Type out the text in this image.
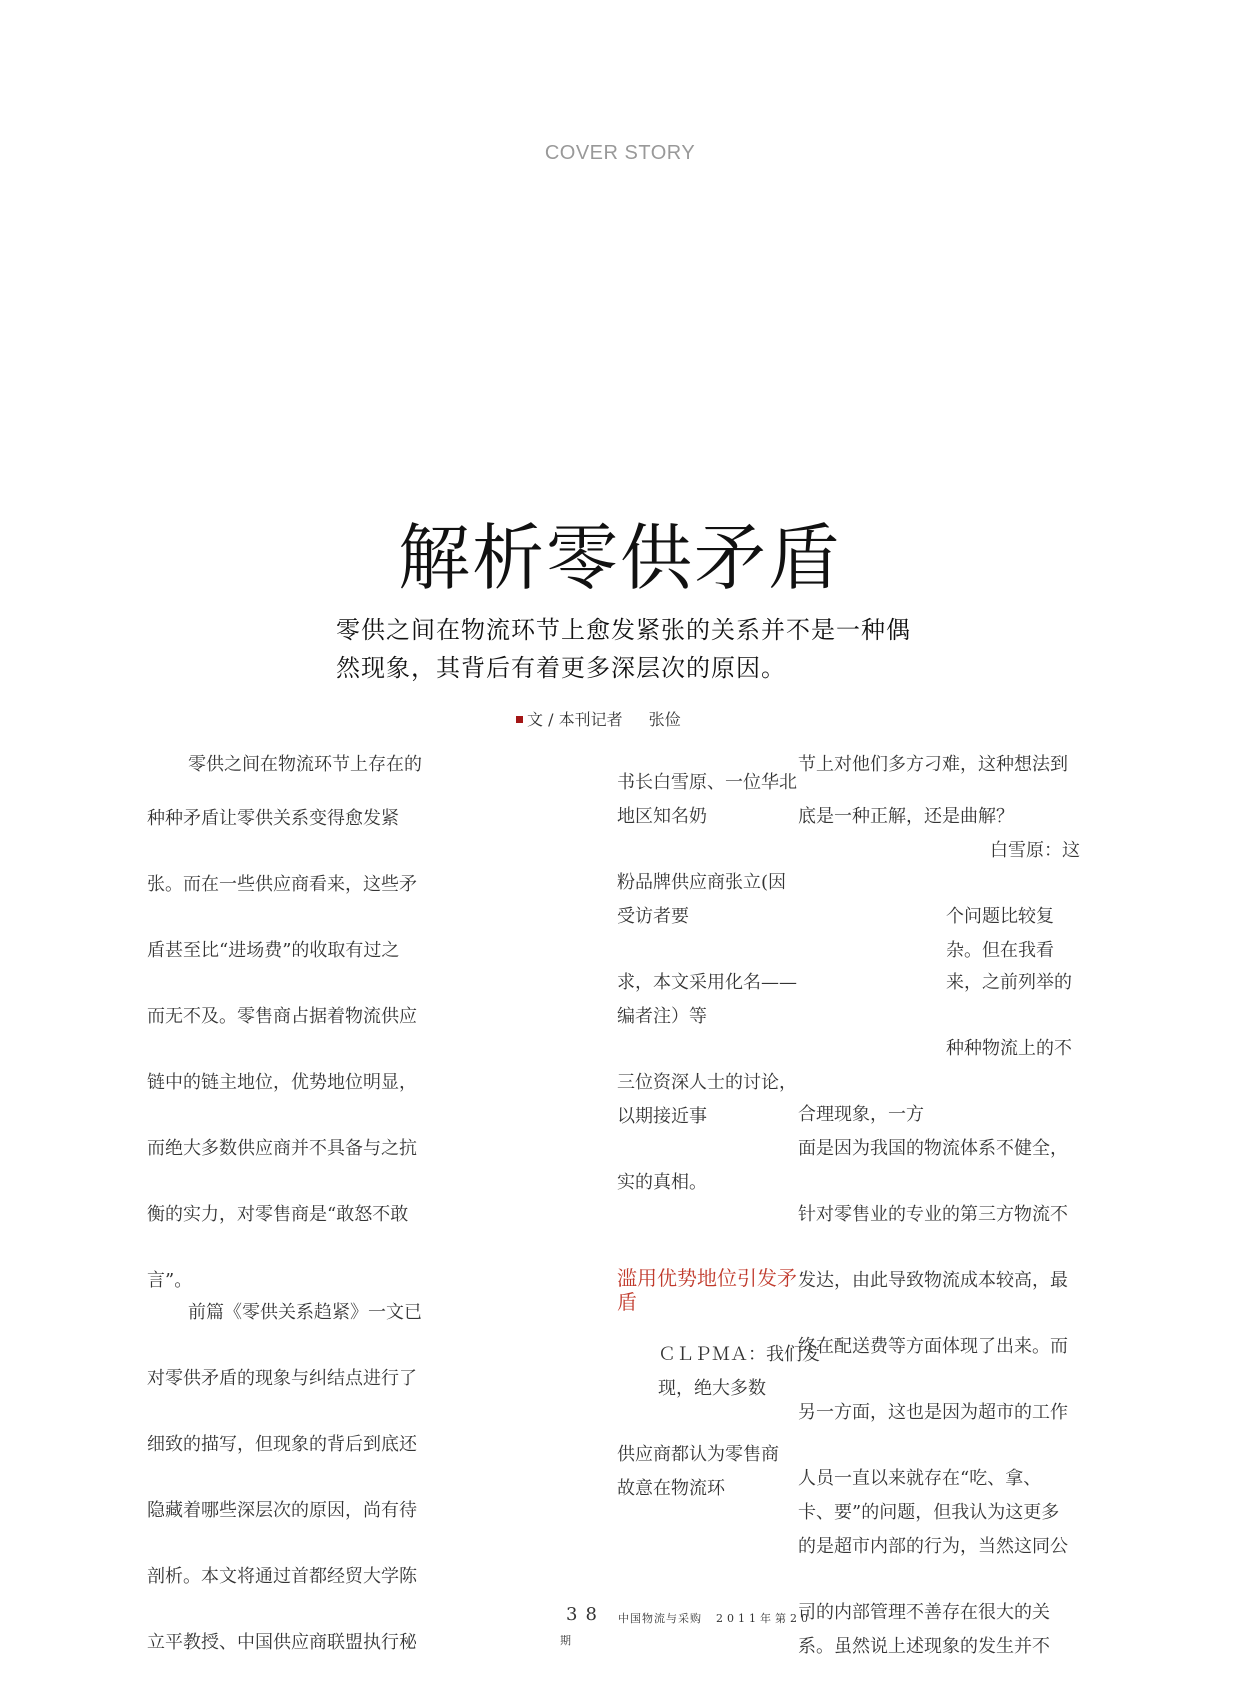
COVER STORY
解析零供矛盾
零供之间在物流环节上愈发紧张的关系并不是一种偶
然现象，其背后有着更多深层次的原因。
文 / 本刊记者 张俭
零供之间在物流环节上存在的
种种矛盾让零供关系变得愈发紧
张。而在一些供应商看来，这些矛
盾甚至比“进场费”的收取有过之
而无不及。零售商占据着物流供应
链中的链主地位，优势地位明显，
而绝大多数供应商并不具备与之抗
衡的实力，对零售商是“敢怒不敢
言”。
前篇《零供关系趋紧》一文已
对零供矛盾的现象与纠结点进行了
细致的描写，但现象的背后到底还
隐藏着哪些深层次的原因，尚有待
剖析。本文将通过首都经贸大学陈
立平教授、中国供应商联盟执行秘
书长白雪原、一位华北
地区知名奶
粉品牌供应商张立(因
受访者要
求，本文采用化名——
编者注）等
三位资深人士的讨论，
以期接近事
实的真相。
滥用优势地位引发矛盾
ＣＬＰＭＡ：我们发
现，绝大多数
供应商都认为零售商
故意在物流环
节上对他们多方刁难，这种想法到
底是一种正解，还是曲解？
白雪原：这
个问题比较复
杂。但在我看
来，之前列举的
种种物流上的不
合理现象，一方
面是因为我国的物流体系不健全，
针对零售业的专业的第三方物流不
发达，由此导致物流成本较高，最
终在配送费等方面体现了出来。而
另一方面，这也是因为超市的工作
人员一直以来就存在“吃、拿、
卡、要”的问题，但我认为这更多
的是超市内部的行为，当然这同公
司的内部管理不善存在很大的关
系。虽然说上述现象的发生并不
38 中国物流与采购 2011年第20
期
